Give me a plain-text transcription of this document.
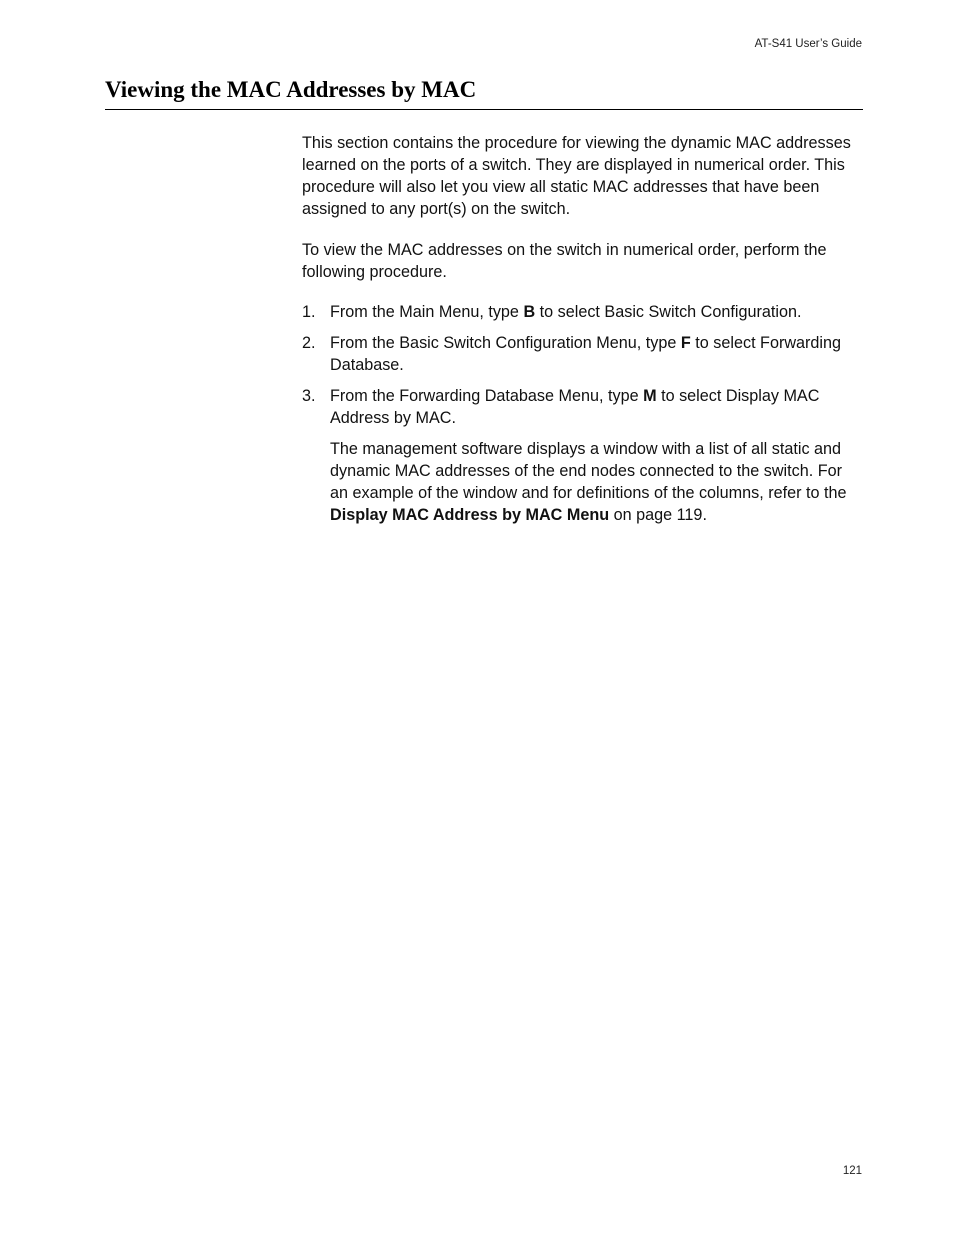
AT-S41 User’s Guide
Viewing the MAC Addresses by MAC

This section contains the procedure for viewing the dynamic MAC addresses learned on the ports of a switch. They are displayed in numerical order. This procedure will also let you view all static MAC addresses that have been assigned to any port(s) on the switch.

To view the MAC addresses on the switch in numerical order, perform the following procedure.

1. From the Main Menu, type B to select Basic Switch Configuration.
2. From the Basic Switch Configuration Menu, type F to select Forwarding Database.
3. From the Forwarding Database Menu, type M to select Display MAC Address by MAC.

The management software displays a window with a list of all static and dynamic MAC addresses of the end nodes connected to the switch. For an example of the window and for definitions of the columns, refer to the Display MAC Address by MAC Menu on page 119.

121
